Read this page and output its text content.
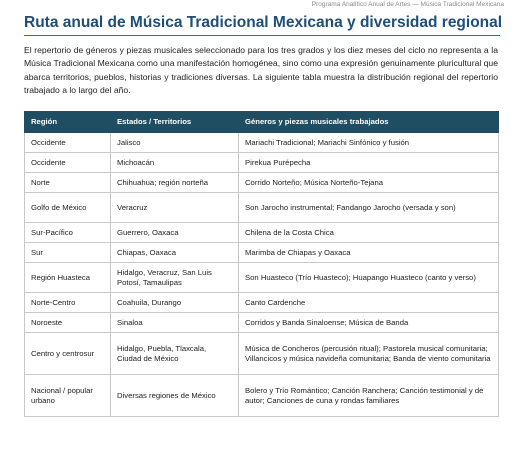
Programa Analítico Anual de Artes — Música Tradicional Mexicana
Ruta anual de Música Tradicional Mexicana y diversidad regional

El repertorio de géneros y piezas musicales seleccionado para los tres grados y los diez meses del ciclo no representa a la Música Tradicional Mexicana como una manifestación homogénea, sino como una expresión genuinamente pluricultural que abarca territorios, pueblos, historias y tradiciones diversas. La siguiente tabla muestra la distribución regional del repertorio trabajado a lo largo del año.

Región	Estados / Territorios	Géneros y piezas musicales trabajados
Occidente	Jalisco	Mariachi Tradicional; Mariachi Sinfónico y fusión
Occidente	Michoacán	Pirekua Purépecha
Norte	Chihuahua; región norteña	Corrido Norteño; Música Norteño-Tejana
Golfo de México	Veracruz	Son Jarocho instrumental; Fandango Jarocho (versada y son)
Sur-Pacífico	Guerrero, Oaxaca	Chilena de la Costa Chica
Sur	Chiapas, Oaxaca	Marimba de Chiapas y Oaxaca
Región Huasteca	Hidalgo, Veracruz, San Luis Potosí, Tamaulipas	Son Huasteco (Trío Huasteco); Huapango Huasteco (canto y verso)
Norte-Centro	Coahuila, Durango	Canto Cardenche
Noroeste	Sinaloa	Corridos y Banda Sinaloense; Música de Banda
Centro y centrosur	Hidalgo, Puebla, Tlaxcala, Ciudad de México	Música de Concheros (percusión ritual); Pastorela musical comunitaria; Villancicos y música navideña comunitaria; Banda de viento comunitaria
Nacional / popular urbano	Diversas regiones de México	Bolero y Trío Romántico; Canción Ranchera; Canción testimonial y de autor; Canciones de cuna y rondas familiares
